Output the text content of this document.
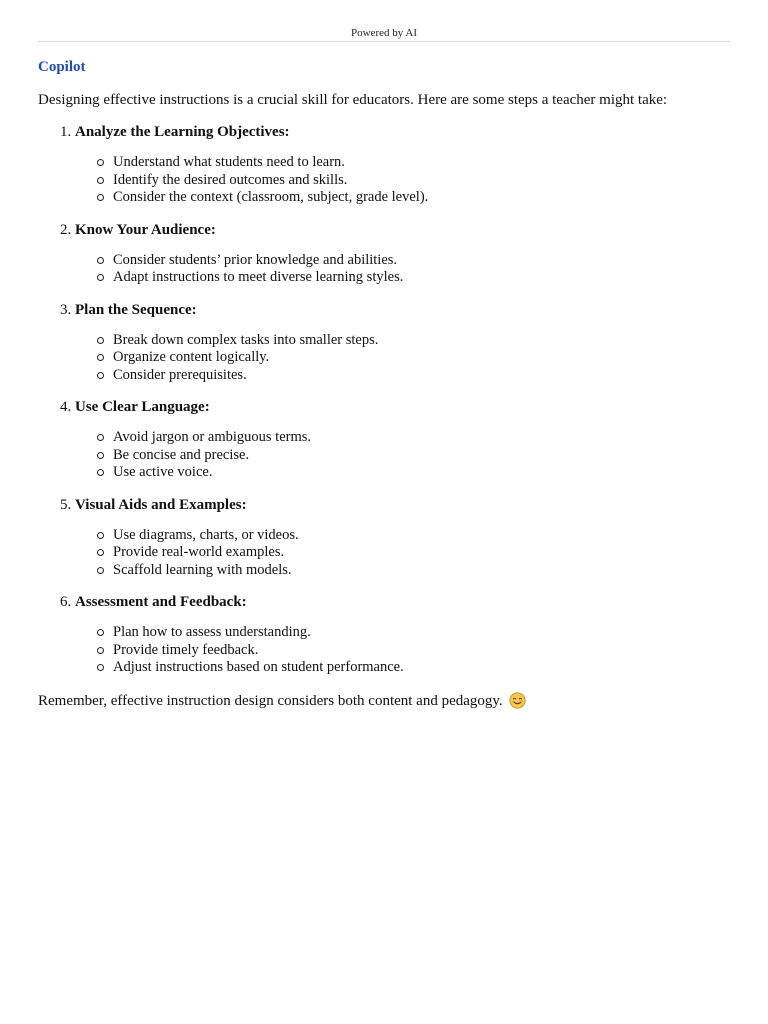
Powered by AI
Copilot
Designing effective instructions is a crucial skill for educators. Here are some steps a teacher might take:
1. Analyze the Learning Objectives:
Understand what students need to learn.
Identify the desired outcomes and skills.
Consider the context (classroom, subject, grade level).
2. Know Your Audience:
Consider students’ prior knowledge and abilities.
Adapt instructions to meet diverse learning styles.
3. Plan the Sequence:
Break down complex tasks into smaller steps.
Organize content logically.
Consider prerequisites.
4. Use Clear Language:
Avoid jargon or ambiguous terms.
Be concise and precise.
Use active voice.
5. Visual Aids and Examples:
Use diagrams, charts, or videos.
Provide real-world examples.
Scaffold learning with models.
6. Assessment and Feedback:
Plan how to assess understanding.
Provide timely feedback.
Adjust instructions based on student performance.
Remember, effective instruction design considers both content and pedagogy.
